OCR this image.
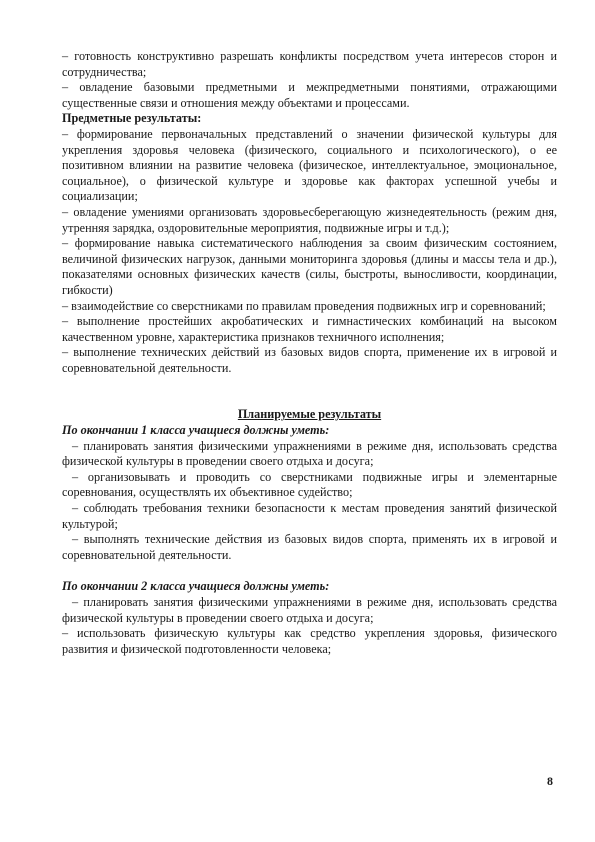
– готовность конструктивно разрешать конфликты посредством учета интересов сторон и сотрудничества;

– овладение базовыми предметными и межпредметными понятиями, отражающими существенные связи и отношения между объектами и процессами.

Предметные результаты:

– формирование первоначальных представлений о значении физической культуры для укрепления здоровья человека (физического, социального и психологического), о ее позитивном влиянии на развитие человека (физическое, интеллектуальное, эмоциональное, социальное), о физической культуре и здоровье как факторах успешной учебы и социализации;

– овладение умениями организовать здоровьесберегающую жизнедеятельность (режим дня, утренняя зарядка, оздоровительные мероприятия, подвижные игры и т.д.);

– формирование навыка систематического наблюдения за своим физическим состоянием, величиной физических нагрузок, данными мониторинга здоровья (длины и массы тела и др.), показателями основных физических качеств (силы, быстроты, выносливости, координации, гибкости)

– взаимодействие со сверстниками по правилам проведения подвижных игр и соревнований;

– выполнение простейших акробатических и гимнастических комбинаций на высоком качественном уровне, характеристика признаков техничного исполнения;

– выполнение технических действий из базовых видов спорта, применение их в игровой и соревновательной деятельности.

Планируемые результаты

По окончании 1 класса учащиеся должны уметь:

– планировать занятия физическими упражнениями в режиме дня, использовать средства физической культуры в проведении своего отдыха и досуга;

– организовывать и проводить со сверстниками подвижные игры и элементарные соревнования, осуществлять их объективное судейство;

– соблюдать требования техники безопасности к местам проведения занятий физической культурой;

– выполнять технические действия из базовых видов спорта, применять их в игровой и соревновательной деятельности.

По окончании 2 класса учащиеся должны уметь:

– планировать занятия физическими упражнениями в режиме дня, использовать средства физической культуры в проведении своего отдыха и досуга;

– использовать физическую культуры как средство укрепления здоровья, физического развития и физической подготовленности человека;

8
